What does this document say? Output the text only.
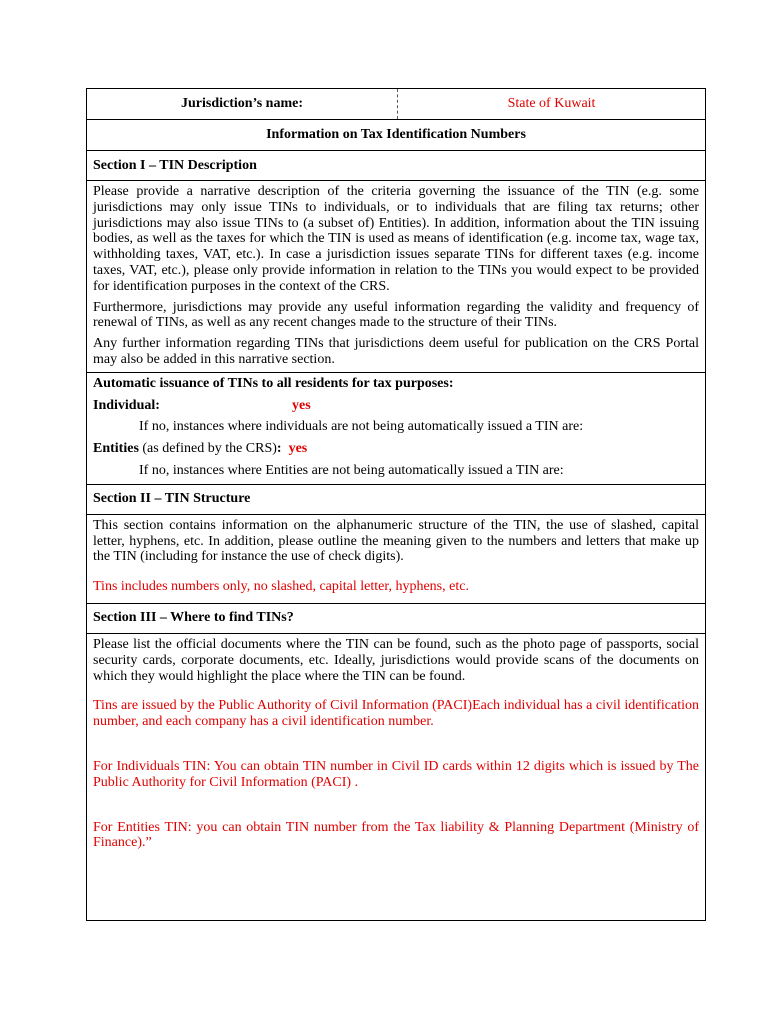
Jurisdiction’s name:	State of Kuwait
Information on Tax Identification Numbers
Section I – TIN Description

Please provide a narrative description of the criteria governing the issuance of the TIN (e.g. some jurisdictions may only issue TINs to individuals, or to individuals that are filing tax returns; other jurisdictions may also issue TINs to (a subset of) Entities). In addition, information about the TIN issuing bodies, as well as the taxes for which the TIN is used as means of identification (e.g. income tax, wage tax, withholding taxes, VAT, etc.). In case a jurisdiction issues separate TINs for different taxes (e.g. income taxes, VAT, etc.), please only provide information in relation to the TINs you would expect to be provided for identification purposes in the context of the CRS.

Furthermore, jurisdictions may provide any useful information regarding the validity and frequency of renewal of TINs, as well as any recent changes made to the structure of their TINs.

Any further information regarding TINs that jurisdictions deem useful for publication on the CRS Portal may also be added in this narrative section.

Automatic issuance of TINs to all residents for tax purposes:
Individual:	yes
If no, instances where individuals are not being automatically issued a TIN are:
Entities (as defined by the CRS): yes
If no, instances where Entities are not being automatically issued a TIN are:
Section II – TIN Structure

This section contains information on the alphanumeric structure of the TIN, the use of slashed, capital letter, hyphens, etc. In addition, please outline the meaning given to the numbers and letters that make up the TIN (including for instance the use of check digits).

Tins includes numbers only, no slashed, capital letter, hyphens, etc.

Section III – Where to find TINs?

Please list the official documents where the TIN can be found, such as the photo page of passports, social security cards, corporate documents, etc. Ideally, jurisdictions would provide scans of the documents on which they would highlight the place where the TIN can be found.

Tins are issued by the Public Authority of Civil Information (PACI)Each individual has a civil identification number, and each company has a civil identification number.

For Individuals TIN: You can obtain TIN number in Civil ID cards within 12 digits which is issued by The Public Authority for Civil Information (PACI) .

For Entities TIN: you can obtain TIN number from the Tax liability & Planning Department (Ministry of Finance).”
